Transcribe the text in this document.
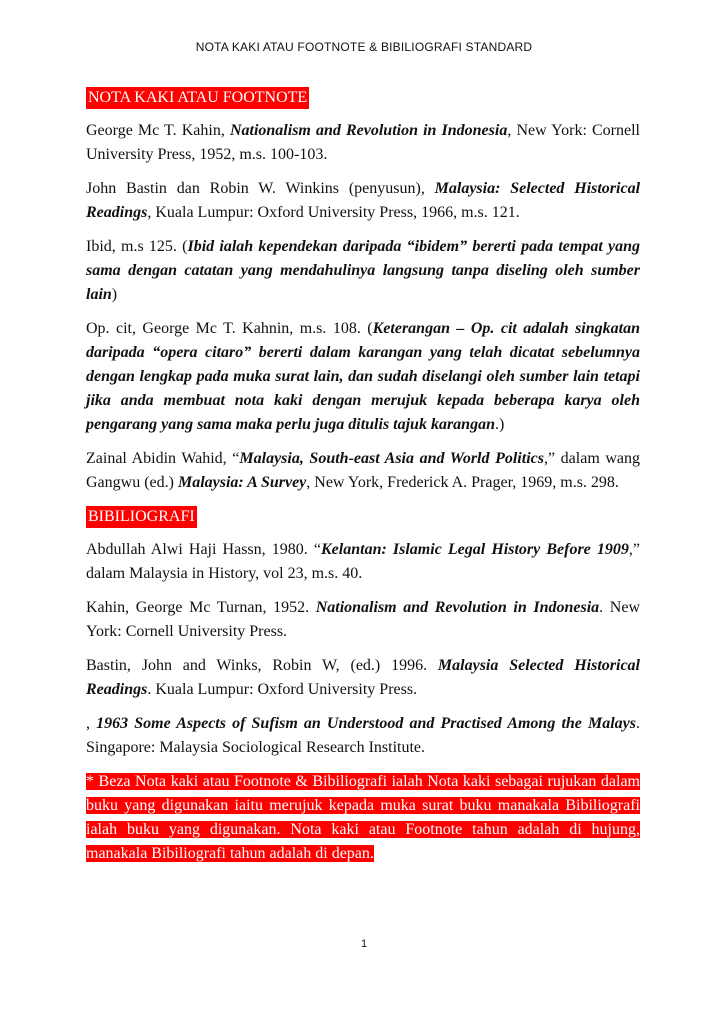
NOTA KAKI ATAU FOOTNOTE & BIBILIOGRAFI STANDARD
NOTA KAKI ATAU FOOTNOTE

George Mc T. Kahin, Nationalism and Revolution in Indonesia, New York: Cornell University Press, 1952, m.s. 100-103.

John Bastin dan Robin W. Winkins (penyusun), Malaysia: Selected Historical Readings, Kuala Lumpur: Oxford University Press, 1966, m.s. 121.

Ibid, m.s 125. (Ibid ialah kependekan daripada “ibidem” bererti pada tempat yang sama dengan catatan yang mendahulinya langsung tanpa diseling oleh sumber lain)

Op. cit, George Mc T. Kahnin, m.s. 108. (Keterangan – Op. cit adalah singkatan daripada “opera citaro” bererti dalam karangan yang telah dicatat sebelumnya dengan lengkap pada muka surat lain, dan sudah diselangi oleh sumber lain tetapi jika anda membuat nota kaki dengan merujuk kepada beberapa karya oleh pengarang yang sama maka perlu juga ditulis tajuk karangan.)

Zainal Abidin Wahid, “Malaysia, South-east Asia and World Politics,” dalam wang Gangwu (ed.) Malaysia: A Survey, New York, Frederick A. Prager, 1969, m.s. 298.

BIBILIOGRAFI

Abdullah Alwi Haji Hassn, 1980. “Kelantan: Islamic Legal History Before 1909,” dalam Malaysia in History, vol 23, m.s. 40.

Kahin, George Mc Turnan, 1952. Nationalism and Revolution in Indonesia. New York: Cornell University Press.

Bastin, John and Winks, Robin W, (ed.) 1996. Malaysia Selected Historical Readings. Kuala Lumpur: Oxford University Press.

, 1963 Some Aspects of Sufism an Understood and Practised Among the Malays. Singapore: Malaysia Sociological Research Institute.

* Beza Nota kaki atau Footnote & Bibiliografi ialah Nota kaki sebagai rujukan dalam buku yang digunakan iaitu merujuk kepada muka surat buku manakala Bibiliografi ialah buku yang digunakan. Nota kaki atau Footnote tahun adalah di hujung, manakala Bibiliografi tahun adalah di depan.
1
